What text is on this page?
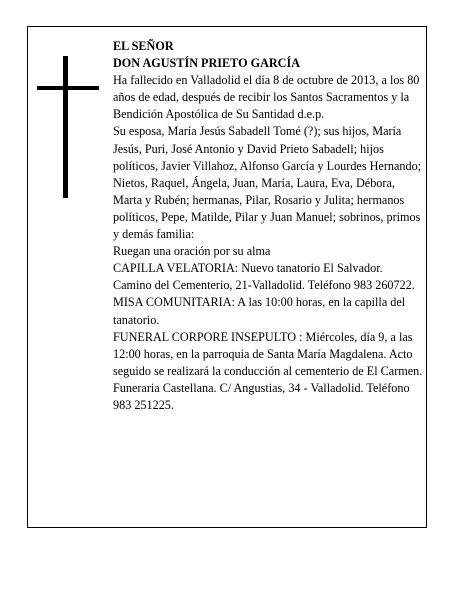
EL SEÑOR

DON AGUSTÍN PRIETO GARCÍA

Ha fallecido en Valladolid el día 8 de octubre de 2013, a los 80 años de edad, después de recibir los Santos Sacramentos y la Bendición Apostólica de Su Santidad d.e.p.

Su esposa, María Jesús Sabadell Tomé (?); sus hijos, María Jesús, Puri, José Antonio y David Prieto Sabadell; hijos políticos, Javier Villahoz, Alfonso García y Lourdes Hernando; Nietos, Raquel, Ángela, Juan, María, Laura, Eva, Débora, Marta y Rubén; hermanas, Pilar, Rosario y Julita; hermanos políticos, Pepe, Matilde, Pilar y Juan Manuel; sobrinos, primos y demás familia:

Ruegan una oración por su alma

CAPILLA VELATORIA: Nuevo tanatorio El Salvador. Camino del Cementerio, 21-Valladolid. Teléfono 983 260722.

MISA COMUNITARIA: A las 10:00 horas, en la capilla del tanatorio.

FUNERAL CORPORE INSEPULTO : Miércoles, día 9, a las 12:00 horas, en la parroquia de Santa María Magdalena. Acto seguido se realizará la conducción al cementerio de El Carmen.

Funeraria Castellana. C/ Angustias, 34 - Valladolid. Teléfono 983 251225.
